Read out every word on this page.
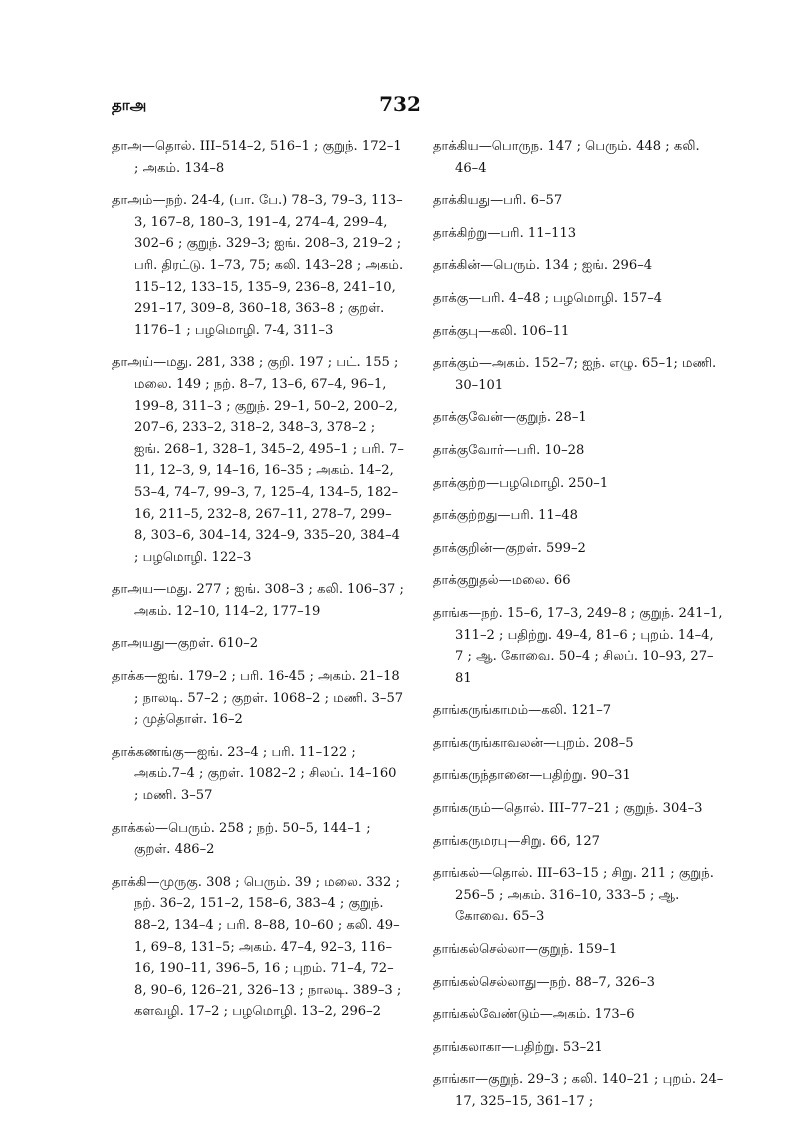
தாஅ	732

தாஅ—தொல். III–514–2, 516–1 ; குறுந். 172–1 ; அகம். 134–8

தாஅம்—நற். 24-4, (பா. பே.) 78–3, 79–3, 113–3, 167–8, 180–3, 191–4, 274–4, 299–4, 302–6 ; குறுந். 329–3; ஐங். 208–3, 219–2 ; பரி. திரட்டு. 1–73, 75; கலி. 143–28 ; அகம். 115–12, 133–15, 135–9, 236–8, 241–10, 291–17, 309–8, 360–18, 363–8 ; குறள். 1176–1 ; பழமொழி. 7-4, 311–3

தாஅய்—மது. 281, 338 ; குறி. 197 ; பட். 155 ; மலை. 149 ; நற். 8–7, 13–6, 67–4, 96–1, 199–8, 311–3 ; குறுந். 29–1, 50–2, 200–2, 207–6, 233–2, 318–2, 348–3, 378–2 ; ஐங். 268–1, 328–1, 345–2, 495–1 ; பரி. 7–11, 12–3, 9, 14–16, 16–35 ; அகம். 14–2, 53–4, 74–7, 99–3, 7, 125–4, 134–5, 182–16, 211–5, 232–8, 267–11, 278–7, 299–8, 303–6, 304–14, 324–9, 335–20, 384–4 ; பழமொழி. 122–3

தாஅய—மது. 277 ; ஐங். 308–3 ; கலி. 106–37 ; அகம். 12–10, 114–2, 177–19

தாஅயது—குறள். 610–2

தாக்க—ஐங். 179–2 ; பரி. 16-45 ; அகம். 21–18 ; நாலடி. 57–2 ; குறள். 1068–2 ; மணி. 3–57 ; முத்தொள். 16–2

தாக்கணங்கு—ஐங். 23–4 ; பரி. 11–122 ; அகம்.7–4 ; குறள். 1082–2 ; சிலப். 14–160 ; மணி. 3–57

தாக்கல்—பெரும். 258 ; நற். 50–5, 144–1 ; குறள். 486–2

தாக்கி—முருகு. 308 ; பெரும். 39 ; மலை. 332 ; நற். 36–2, 151–2, 158–6, 383–4 ; குறுந். 88–2, 134–4 ; பரி. 8–88, 10–60 ; கலி. 49–1, 69–8, 131–5; அகம். 47–4, 92–3, 116–16, 190–11, 396–5, 16 ; புறம். 71–4, 72–8, 90–6, 126–21, 326–13 ; நாலடி. 389–3 ; களவழி. 17–2 ; பழமொழி. 13–2, 296–2

தாக்கிய—பொருந. 147 ; பெரும். 448 ; கலி. 46–4

தாக்கியது—பரி. 6–57

தாக்கிற்று—பரி. 11–113

தாக்கின்—பெரும். 134 ; ஐங். 296–4

தாக்கு—பரி. 4–48 ; பழமொழி. 157–4

தாக்குபு—கலி. 106–11

தாக்கும்—அகம். 152–7; ஐந். எழு. 65–1; மணி. 30–101

தாக்குவேன்—குறுந். 28–1

தாக்குவோர்—பரி. 10–28

தாக்குற்ற—பழமொழி. 250–1

தாக்குற்றது—பரி. 11–48

தாக்குறின்—குறள். 599–2

தாக்குறுதல்—மலை. 66

தாங்க—நற். 15–6, 17–3, 249–8 ; குறுந். 241–1, 311–2 ; பதிற்று. 49–4, 81–6 ; புறம். 14–4, 7 ; ஆ. கோவை. 50–4 ; சிலப். 10–93, 27–81

தாங்கருங்காமம்—கலி. 121–7

தாங்கருங்காவலன்—புறம். 208–5

தாங்கருந்தானை—பதிற்று. 90–31

தாங்கரும்—தொல். III–77–21 ; குறுந். 304–3

தாங்கருமரபு—சிறு. 66, 127

தாங்கல்—தொல். III–63–15 ; சிறு. 211 ; குறுந். 256–5 ; அகம். 316–10, 333–5 ; ஆ. கோவை. 65–3

தாங்கல்செல்லா—குறுந். 159–1

தாங்கல்செல்லாது—நற். 88–7, 326–3

தாங்கல்வேண்டும்—அகம். 173–6

தாங்கலாகா—பதிற்று. 53–21

தாங்கா—குறுந். 29–3 ; கலி. 140–21 ; புறம். 24–17, 325–15, 361–17 ;
